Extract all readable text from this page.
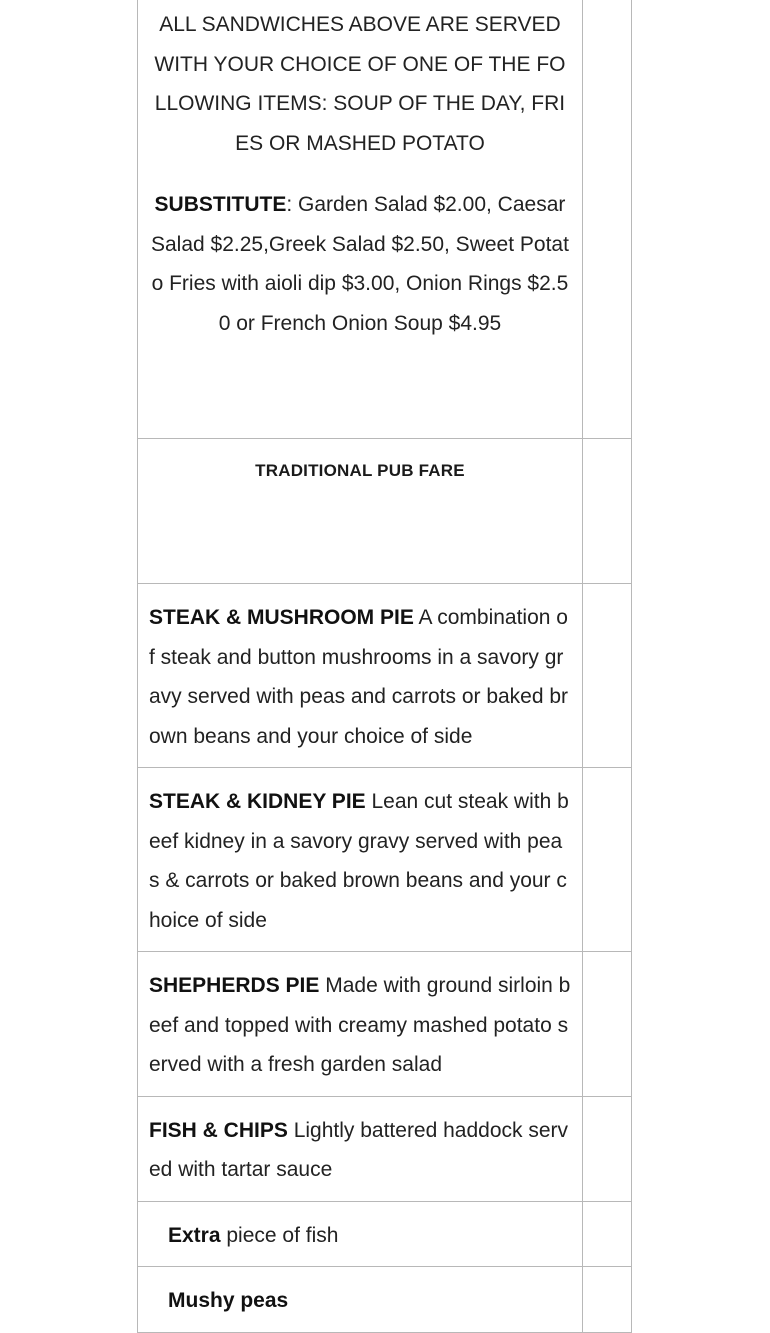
ALL SANDWICHES ABOVE ARE SERVED WITH YOUR CHOICE OF ONE OF THE FOLLOWING ITEMS: SOUP OF THE DAY, FRIES OR MASHED POTATO

SUBSTITUTE: Garden Salad $2.00, Caesar Salad $2.25,Greek Salad $2.50, Sweet Potato Fries with aioli dip $3.00, Onion Rings $2.50 or French Onion Soup $4.95	

TRADITIONAL PUB FARE	

STEAK & MUSHROOM PIE A combination of steak and button mushrooms in a savory gravy served with peas and carrots or baked brown beans and your choice of side	

STEAK & KIDNEY PIE Lean cut steak with beef kidney in a savory gravy served with peas & carrots or baked brown beans and your choice of side	

SHEPHERDS PIE Made with ground sirloin beef and topped with creamy mashed potato served with a fresh garden salad	

FISH & CHIPS Lightly battered haddock served with tartar sauce	

Extra piece of fish	

Mushy peas	
